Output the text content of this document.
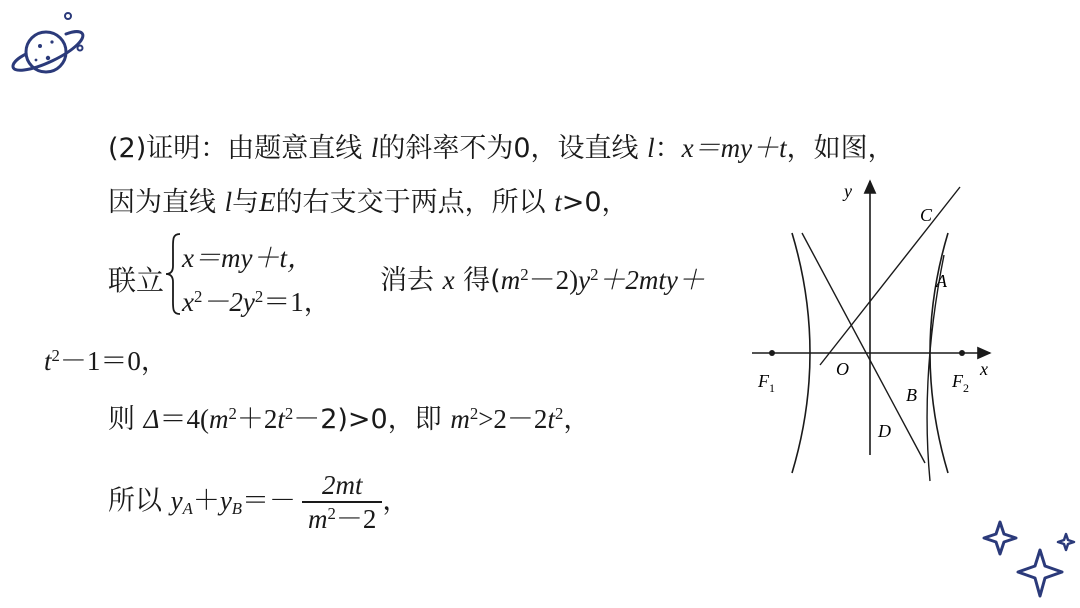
(2)证明：由题意直线 l的斜率不为0，设直线 l：x＝my＋t，如图，
因为直线 l与E的右支交于两点，所以 t>0，
联立
x＝my＋t，
$x^2-2y^2=1$，
消去 x 得$(m^2-2)y^2+2mty+$
$t^2-1=0$，
则 $\Delta=4(m^2+2t^2-2)>0$，即 $m^2>2-2t^2$，
所以 $y_A+y_B=- \frac{2mt}{m^2-2}$ ，
y
x
C
A
O
B
D
$F_1$	$F_2$
